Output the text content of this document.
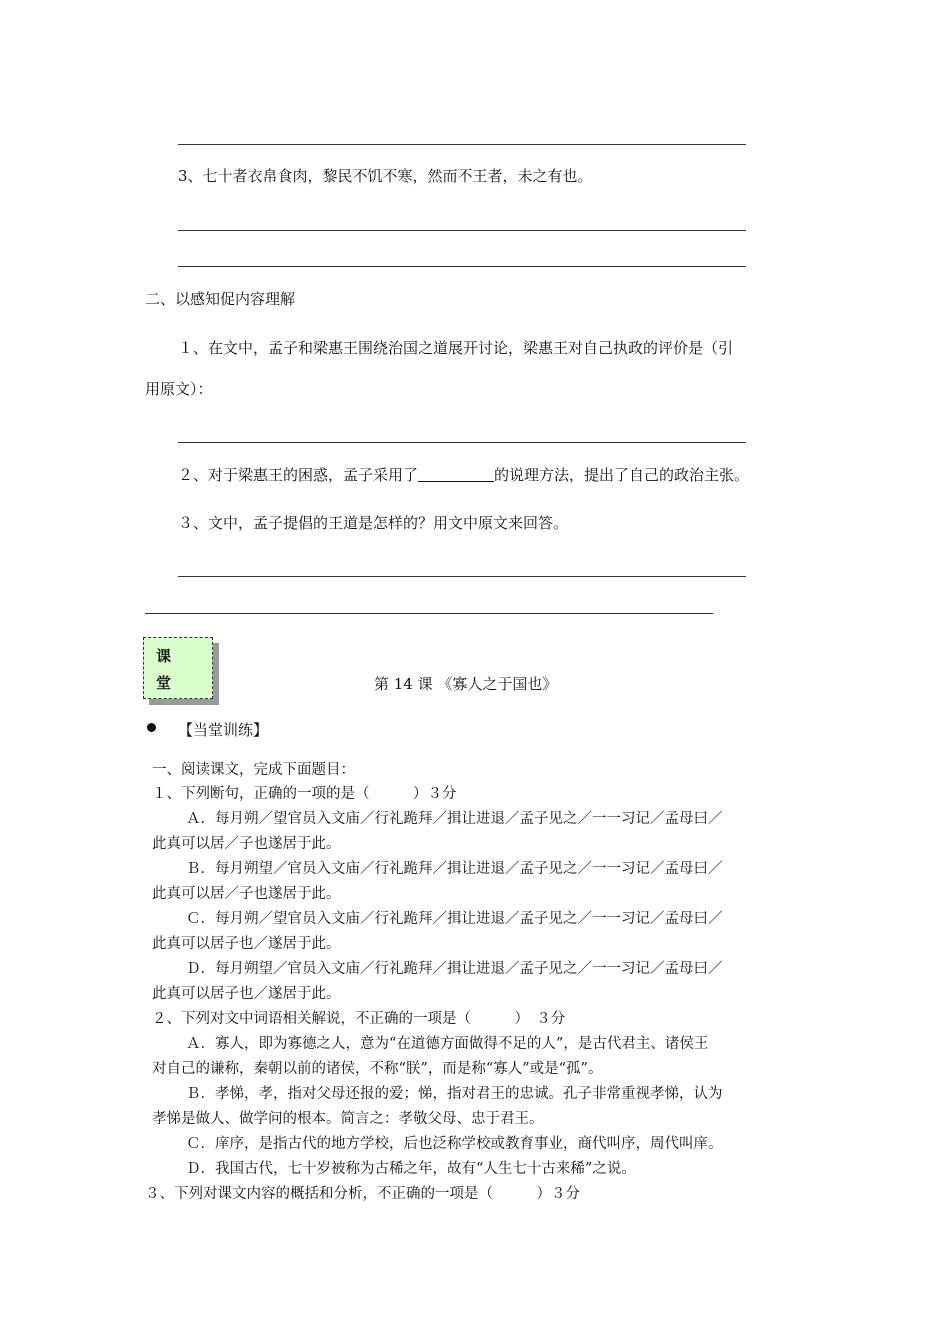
3、七十者衣帛食肉，黎民不饥不寒，然而不王者，未之有也。
二、以感知促内容理解
１、在文中，孟子和梁惠王围绕治国之道展开讨论，梁惠王对自己执政的评价是（引
用原文）：
２、对于梁惠王的困惑，孟子采用了	的说理方法，提出了自己的政治主张。
３、文中，孟子提倡的王道是怎样的？用文中原文来回答。
课
堂	第 14 课 《寡人之于国也》
【当堂训练】
一、阅读课文，完成下面题目：
１、下列断句，正确的一项的是（　　　）３分
Ａ．每月朔／望官员入文庙／行礼跪拜／揖让进退／孟子见之／一一习记／孟母曰／
此真可以居／子也遂居于此。
Ｂ．每月朔望／官员入文庙／行礼跪拜／揖让进退／孟子见之／一一习记／孟母曰／
此真可以居／子也遂居于此。
Ｃ．每月朔／望官员入文庙／行礼跪拜／揖让进退／孟子见之／一一习记／孟母曰／
此真可以居子也／遂居于此。
Ｄ．每月朔望／官员入文庙／行礼跪拜／揖让进退／孟子见之／一一习记／孟母曰／
此真可以居子也／遂居于此。
２、下列对文中词语相关解说，不正确的一项是（　　　）　３分
Ａ．寡人，即为寡德之人，意为“在道德方面做得不足的人”，是古代君主、诸侯王
对自己的谦称，秦朝以前的诸侯，不称“朕”，而是称“寡人”或是“孤”。
Ｂ．孝悌，孝，指对父母还报的爱；悌，指对君王的忠诚。孔子非常重视孝悌，认为
孝悌是做人、做学问的根本。简言之：孝敬父母、忠于君王。
Ｃ．庠序，是指古代的地方学校，后也泛称学校或教育事业，商代叫序，周代叫庠。
Ｄ．我国古代，七十岁被称为古稀之年，故有“人生七十古来稀”之说。
３、下列对课文内容的概括和分析，不正确的一项是（　　　）３分
